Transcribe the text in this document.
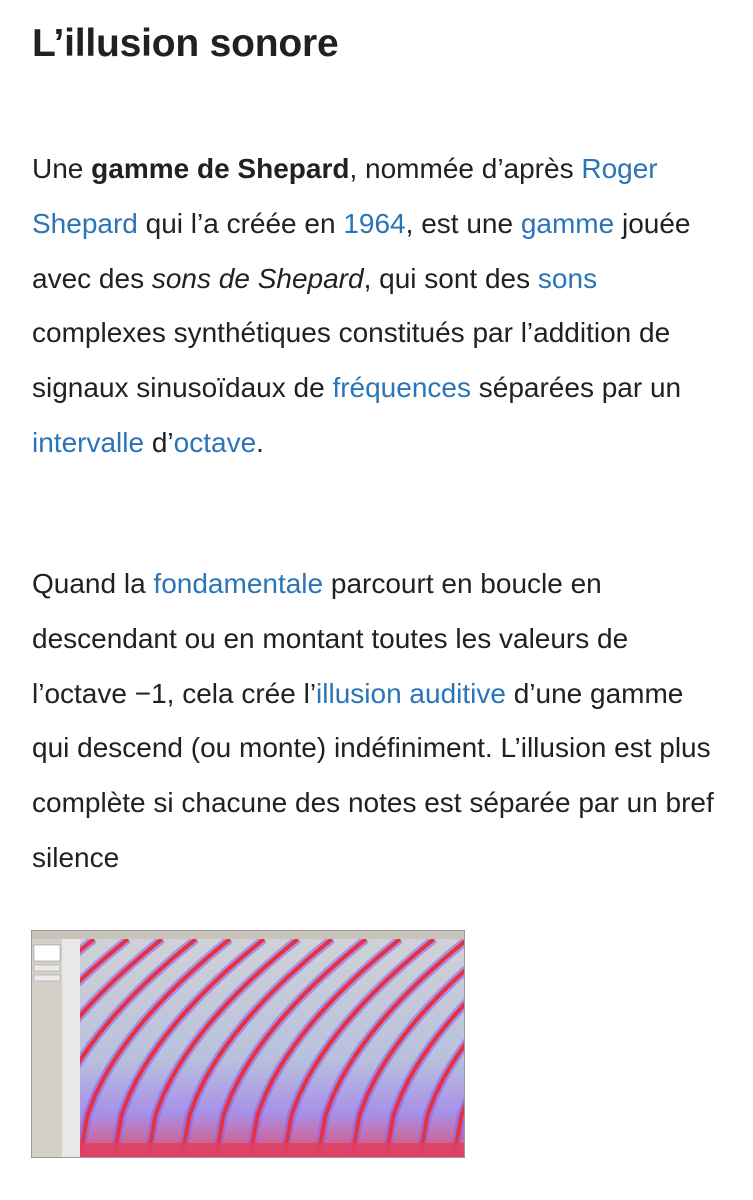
L’illusion sonore

Une gamme de Shepard, nommée d’après Roger Shepard qui l’a créée en 1964, est une gamme jouée avec des sons de Shepard, qui sont des sons complexes synthétiques constitués par l’addition de signaux sinusoïdaux de fréquences séparées par un intervalle d’octave.

Quand la fondamentale parcourt en boucle en descendant ou en montant toutes les valeurs de l’octave −1, cela crée l’illusion auditive d’une gamme qui descend (ou monte) indéfiniment. L’illusion est plus complète si chacune des notes est séparée par un bref silence
